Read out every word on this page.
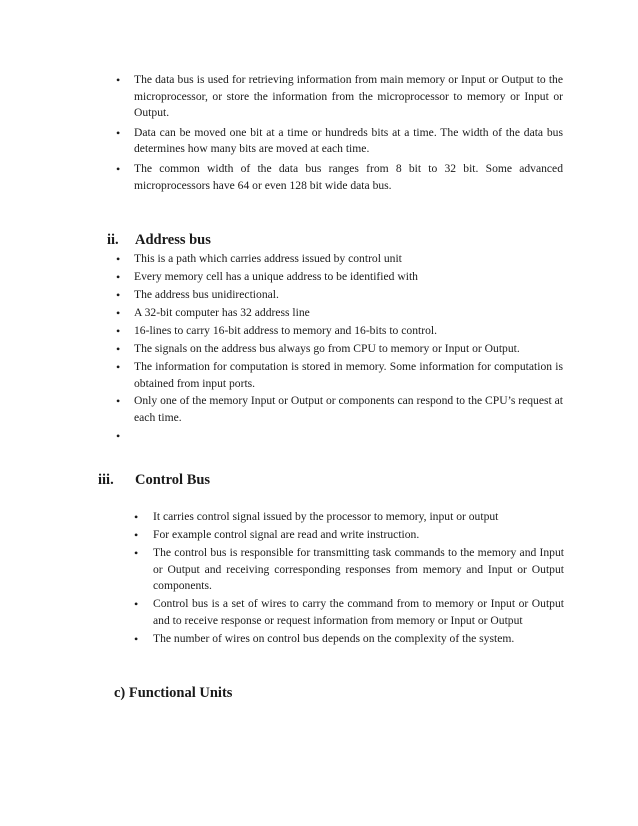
• The data bus is used for retrieving information from main memory or Input or Output to the microprocessor, or store the information from the microprocessor to memory or Input or Output.
• Data can be moved one bit at a time or hundreds bits at a time. The width of the data bus determines how many bits are moved at each time.
• The common width of the data bus ranges from 8 bit to 32 bit. Some advanced microprocessors have 64 or even 128 bit wide data bus.
ii. Address bus
• This is a path which carries address issued by control unit
• Every memory cell has a unique address to be identified with
• The address bus unidirectional.
• A 32-bit computer has 32 address line
• 16-lines to carry 16-bit address to memory and 16-bits to control.
• The signals on the address bus always go from CPU to memory or Input or Output.
• The information for computation is stored in memory. Some information for computation is obtained from input ports.
• Only one of the memory Input or Output or components can respond to the CPU’s request at each time.
•

iii. Control Bus
• It carries control signal issued by the processor to memory, input or output
• For example control signal are read and write instruction.
• The control bus is responsible for transmitting task commands to the memory and Input or Output and receiving corresponding responses from memory and Input or Output components.
• Control bus is a set of wires to carry the command from to memory or Input or Output and to receive response or request information from memory or Input or Output
• The number of wires on control bus depends on the complexity of the system.
c) Functional Units
